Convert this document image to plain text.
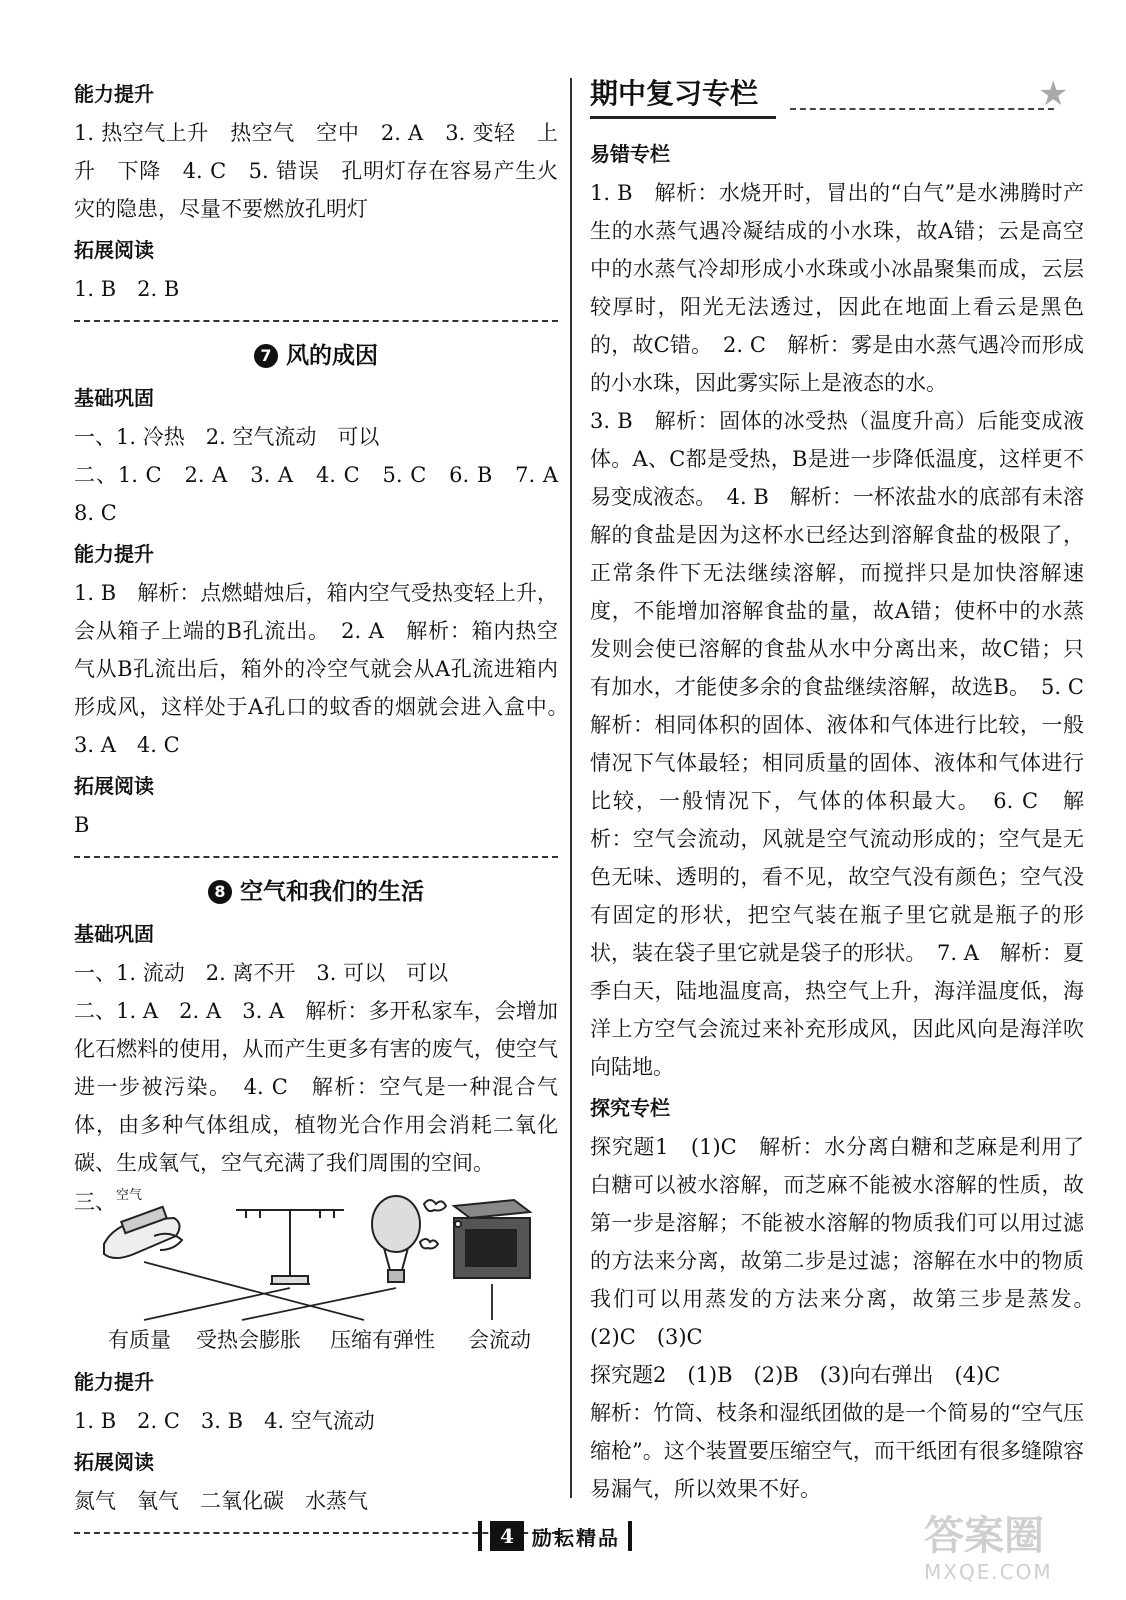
能力提升

1. 热空气上升　热空气　空中　2. A　3. 变轻　上升　下降　4. C　5. 错误　孔明灯存在容易产生火灾的隐患，尽量不要燃放孔明灯

拓展阅读

1. B　2. B

7 风的成因

基础巩固

一、1. 冷热　2. 空气流动　可以

二、1. C　2. A　3. A　4. C　5. C　6. B　7. A　8. C

能力提升

1. B　解析：点燃蜡烛后，箱内空气受热变轻上升，会从箱子上端的B孔流出。　2. A　解析：箱内热空气从B孔流出后，箱外的冷空气就会从A孔流进箱内形成风，这样处于A孔口的蚊香的烟就会进入盒中。　3. A　4. C

拓展阅读

B

8 空气和我们的生活

基础巩固

一、1. 流动　2. 离不开　3. 可以　可以

二、1. A　2. A　3. A　解析：多开私家车，会增加化石燃料的使用，从而产生更多有害的废气，使空气进一步被污染。　4. C　解析：空气是一种混合气体，由多种气体组成，植物光合作用会消耗二氧化碳、生成氧气，空气充满了我们周围的空间。

三、 空气
有质量 受热会膨胀 压缩有弹性 会流动
能力提升

1. B　2. C　3. B　4. 空气流动

拓展阅读

氮气　氧气　二氧化碳　水蒸气

期中复习专栏	★
易错专栏

1. B　解析：水烧开时，冒出的“白气”是水沸腾时产生的水蒸气遇冷凝结成的小水珠，故A错；云是高空中的水蒸气冷却形成小水珠或小冰晶聚集而成，云层较厚时，阳光无法透过，因此在地面上看云是黑色的，故C错。　2. C　解析：雾是由水蒸气遇冷而形成的小水珠，因此雾实际上是液态的水。

3. B　解析：固体的冰受热（温度升高）后能变成液体。A、C都是受热，B是进一步降低温度，这样更不易变成液态。　4. B　解析：一杯浓盐水的底部有未溶解的食盐是因为这杯水已经达到溶解食盐的极限了，正常条件下无法继续溶解，而搅拌只是加快溶解速度，不能增加溶解食盐的量，故A错；使杯中的水蒸发则会使已溶解的食盐从水中分离出来，故C错；只有加水，才能使多余的食盐继续溶解，故选B。　5. C　解析：相同体积的固体、液体和气体进行比较，一般情况下气体最轻；相同质量的固体、液体和气体进行比较，一般情况下，气体的体积最大。　6. C　解析：空气会流动，风就是空气流动形成的；空气是无色无味、透明的，看不见，故空气没有颜色；空气没有固定的形状，把空气装在瓶子里它就是瓶子的形状，装在袋子里它就是袋子的形状。　7. A　解析：夏季白天，陆地温度高，热空气上升，海洋温度低，海洋上方空气会流过来补充形成风，因此风向是海洋吹向陆地。

探究专栏

探究题1　(1)C　解析：水分离白糖和芝麻是利用了白糖可以被水溶解，而芝麻不能被水溶解的性质，故第一步是溶解；不能被水溶解的物质我们可以用过滤的方法来分离，故第二步是过滤；溶解在水中的物质我们可以用蒸发的方法来分离，故第三步是蒸发。　(2)C　(3)C

探究题2　(1)B　(2)B　(3)向右弹出　(4)C

解析：竹筒、枝条和湿纸团做的是一个简易的“空气压缩枪”。这个装置要压缩空气，而干纸团有很多缝隙容易漏气，所以效果不好。

4 励耘精品	答案圈
MXQE.COM
